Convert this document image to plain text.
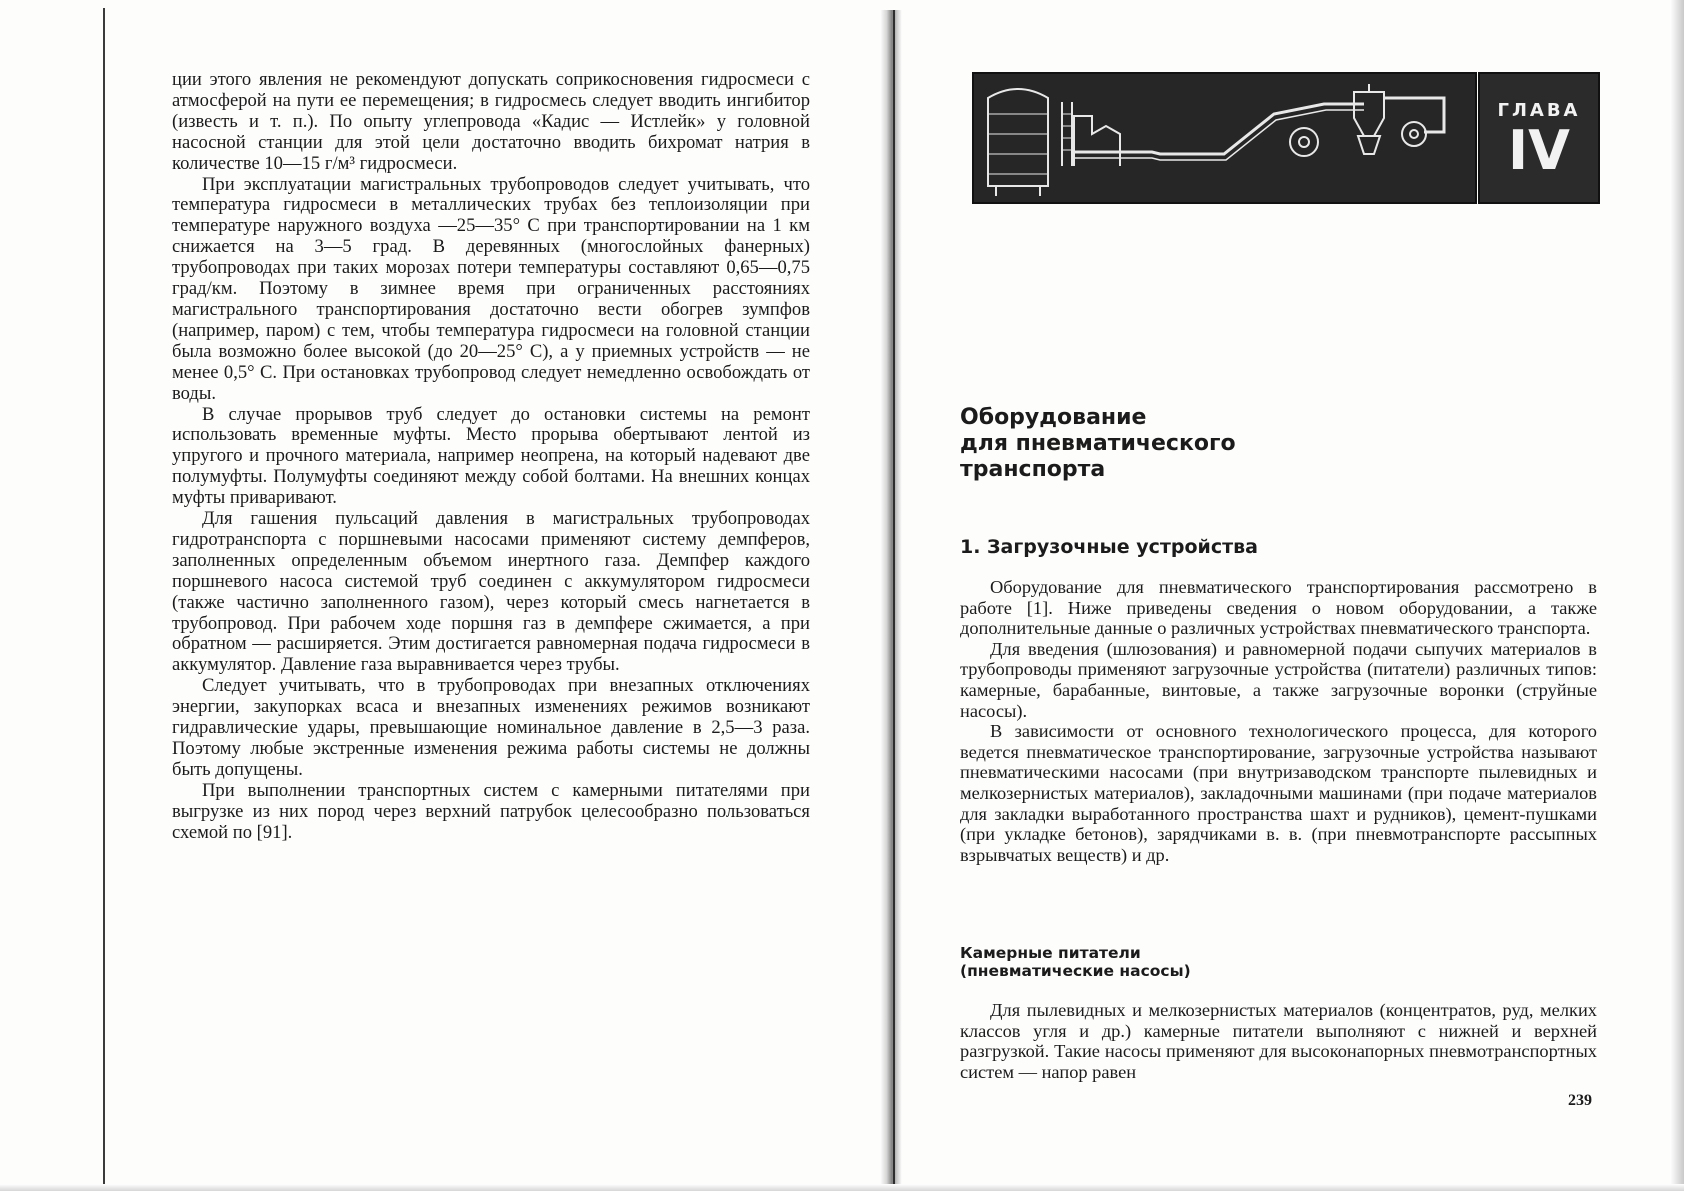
ции этого явления не рекомендуют допускать соприкосновения гидросмеси с атмосферой на пути ее перемещения; в гидросмесь следует вводить ингибитор (известь и т. п.). По опыту углепровода «Кадис — Истлейк» у головной насосной станции для этой цели достаточно вводить бихромат натрия в количестве 10—15 г/м³ гидросмеси.

При эксплуатации магистральных трубопроводов следует учитывать, что температура гидросмеси в металлических трубах без теплоизоляции при температуре наружного воздуха —25—35° С при транспортировании на 1 км снижается на 3—5 град. В деревянных (многослойных фанерных) трубопроводах при таких морозах потери температуры составляют 0,65—0,75 град/км. Поэтому в зимнее время при ограниченных расстояниях магистрального транспортирования достаточно вести обогрев зумпфов (например, паром) с тем, чтобы температура гидросмеси на головной станции была возможно более высокой (до 20—25° С), а у приемных устройств — не менее 0,5° С. При остановках трубопровод следует немедленно освобождать от воды.

В случае прорывов труб следует до остановки системы на ремонт использовать временные муфты. Место прорыва обертывают лентой из упругого и прочного материала, например неопрена, на который надевают две полумуфты. Полумуфты соединяют между собой болтами. На внешних концах муфты приваривают.

Для гашения пульсаций давления в магистральных трубопроводах гидротранспорта с поршневыми насосами применяют систему демпферов, заполненных определенным объемом инертного газа. Демпфер каждого поршневого насоса системой труб соединен с аккумулятором гидросмеси (также частично заполненного газом), через который смесь нагнетается в трубопровод. При рабочем ходе поршня газ в демпфере сжимается, а при обратном — расширяется. Этим достигается равномерная подача гидросмеси в аккумулятор. Давление газа выравнивается через трубы.

Следует учитывать, что в трубопроводах при внезапных отключениях энергии, закупорках всаса и внезапных изменениях режимов возникают гидравлические удары, превышающие номинальное давление в 2,5—3 раза. Поэтому любые экстренные изменения режима работы системы не должны быть допущены.

При выполнении транспортных систем с камерными питателями при выгрузке из них пород через верхний патрубок целесообразно пользоваться схемой по [91].

ГЛАВА
IV
Оборудование
для пневматического
транспорта
1. Загрузочные устройства

Оборудование для пневматического транспортирования рассмотрено в работе [1]. Ниже приведены сведения о новом оборудовании, а также дополнительные данные о различных устройствах пневматического транспорта.

Для введения (шлюзования) и равномерной подачи сыпучих материалов в трубопроводы применяют загрузочные устройства (питатели) различных типов: камерные, барабанные, винтовые, а также загрузочные воронки (струйные насосы).

В зависимости от основного технологического процесса, для которого ведется пневматическое транспортирование, загрузочные устройства называют пневматическими насосами (при внутризаводском транспорте пылевидных и мелкозернистых материалов), закладочными машинами (при подаче материалов для закладки выработанного пространства шахт и рудников), цемент-пушками (при укладке бетонов), зарядчиками в. в. (при пневмотранспорте рассыпных взрывчатых веществ) и др.

Камерные питатели
(пневматические насосы)

Для пылевидных и мелкозернистых материалов (концентратов, руд, мелких классов угля и др.) камерные питатели выполняют с нижней и верхней разгрузкой. Такие насосы применяют для высоконапорных пневмотранспортных систем — напор равен

239
